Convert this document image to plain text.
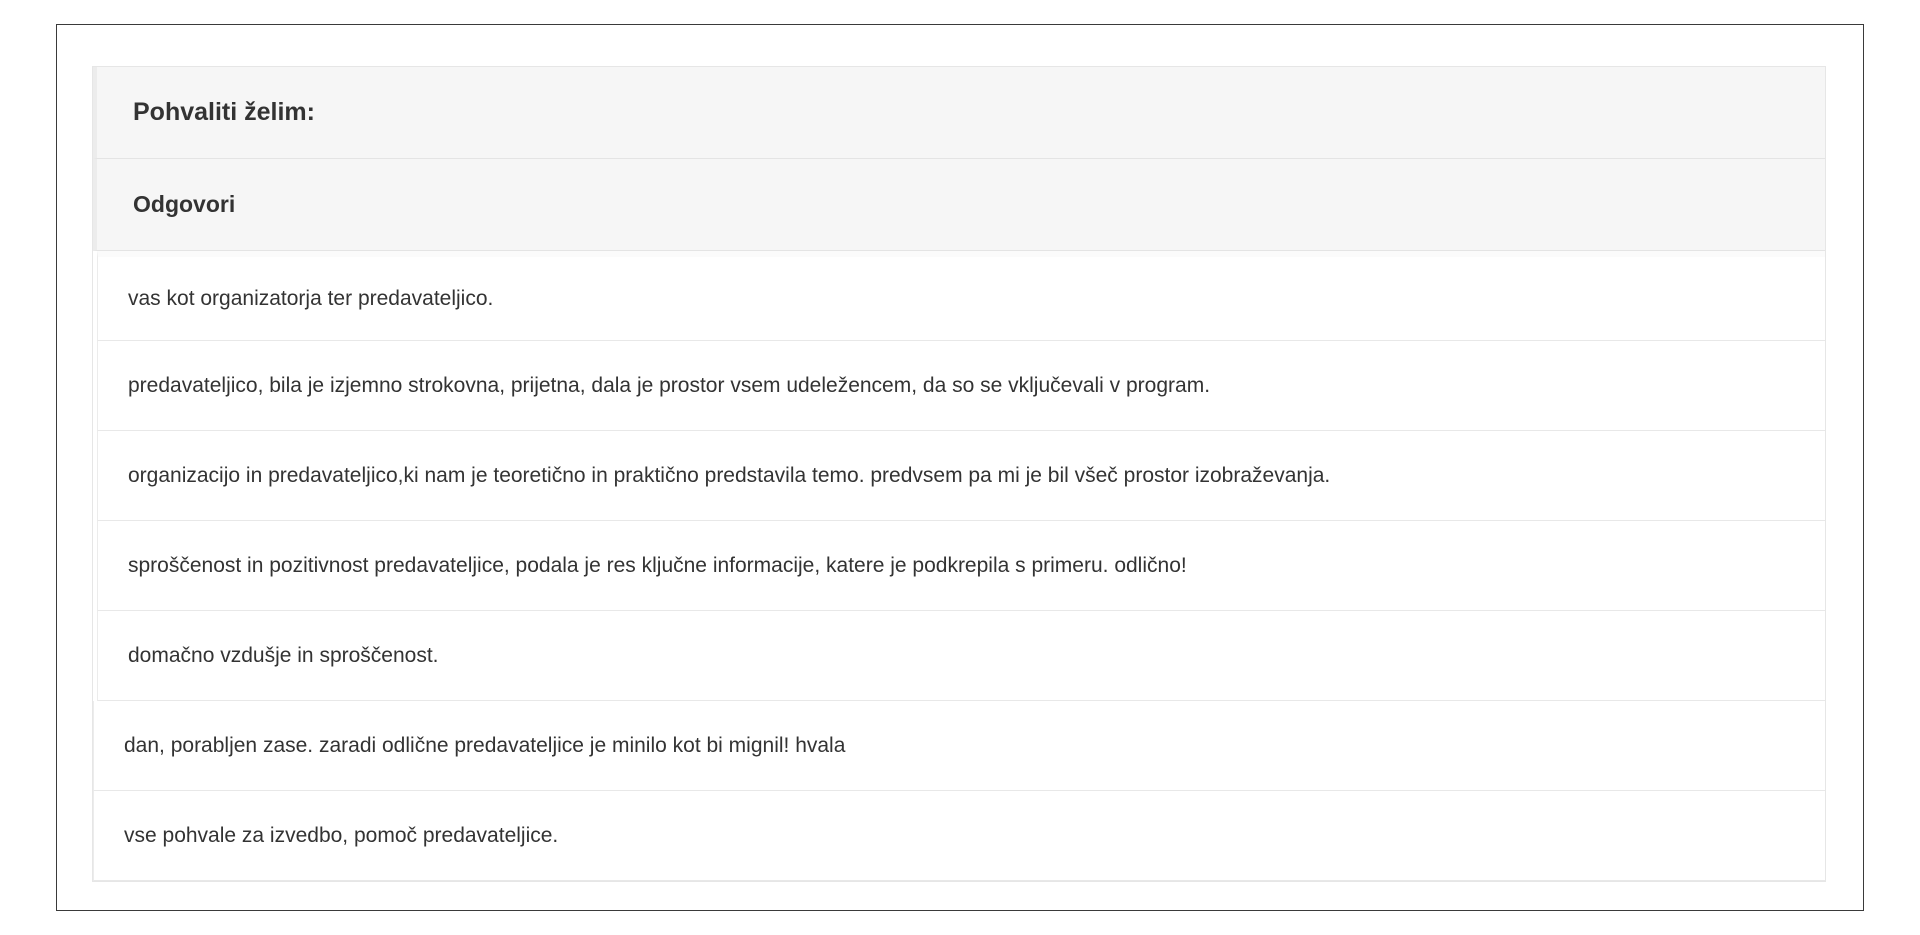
Pohvaliti želim:
Odgovori
vas kot organizatorja ter predavateljico.
predavateljico, bila je izjemno strokovna, prijetna, dala je prostor vsem udeležencem, da so se vključevali v program.
organizacijo in predavateljico,ki nam je teoretično in praktično predstavila temo. predvsem pa mi je bil všeč prostor izobraževanja.
sproščenost in pozitivnost predavateljice, podala je res ključne informacije, katere je podkrepila s primeru. odlično!
domačno vzdušje in sproščenost.
dan, porabljen zase. zaradi odlične predavateljice je minilo kot bi mignil! hvala
vse pohvale za izvedbo, pomoč predavateljice.
